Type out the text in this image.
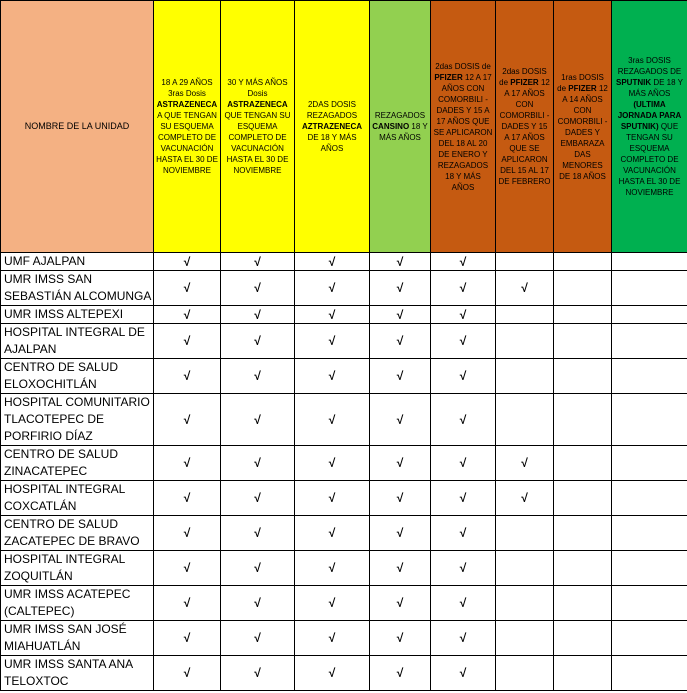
NOMBRE DE LA UNIDAD	18 A 29 AÑOS 3ras Dosis ASTRAZENECA A QUE TENGAN SU ESQUEMA COMPLETO DE VACUNACIÓN HASTA EL 30 DE NOVIEMBRE	30 Y MÁS AÑOS Dosis ASTRAZENECA QUE TENGAN SU ESQUEMA COMPLETO DE VACUNACIÓN HASTA EL 30 DE NOVIEMBRE	2DAS DOSIS REZAGADOS AZTRAZENECA DE 18 Y MÁS AÑOS	REZAGADOS CANSINO 18 Y MÁS AÑOS	2das DOSIS de PFIZER 12 A 17 AÑOS CON COMORBILI -DADES Y 15 A 17 AÑOS QUE SE APLICARON DEL 18 AL 20 DE ENERO Y REZAGADOS 18 Y MÁS AÑOS	2das DOSIS de PFIZER 12 A 17 AÑOS CON COMORBILI -DADES Y 15 A 17 AÑOS QUE SE APLICARON DEL 15 AL 17 DE FEBRERO	1ras DOSIS de PFIZER 12 A 14 AÑOS CON COMORBILI -DADES Y EMBARAZA DAS MENORES DE 18 AÑOS	3ras DOSIS REZAGADOS DE SPUTNIK DE 18 Y MÁS AÑOS (ULTIMA JORNADA PARA SPUTNIK) QUE TENGAN SU ESQUEMA COMPLETO DE VACUNACIÓN HASTA EL 30 DE NOVIEMBRE

UMF AJALPAN	√	√	√	√	√			
UMR IMSS SAN SEBASTIÁN ALCOMUNGA	√	√	√	√	√	√		
UMR IMSS ALTEPEXI	√	√	√	√	√			
HOSPITAL INTEGRAL DE AJALPAN	√	√	√	√	√			
CENTRO DE SALUD ELOXOCHITLÁN	√	√	√	√	√			
HOSPITAL COMUNITARIO TLACOTEPEC DE PORFIRIO DÍAZ	√	√	√	√	√			
CENTRO DE SALUD ZINACATEPEC	√	√	√	√	√	√		
HOSPITAL INTEGRAL COXCATLÁN	√	√	√	√	√	√		
CENTRO DE SALUD ZACATEPEC DE BRAVO	√	√	√	√	√			
HOSPITAL INTEGRAL ZOQUITLÁN	√	√	√	√	√			
UMR IMSS ACATEPEC (CALTEPEC)	√	√	√	√	√			
UMR IMSS SAN JOSÉ MIAHUATLÁN	√	√	√	√	√			
UMR IMSS SANTA ANA TELOXTOC	√	√	√	√	√			
